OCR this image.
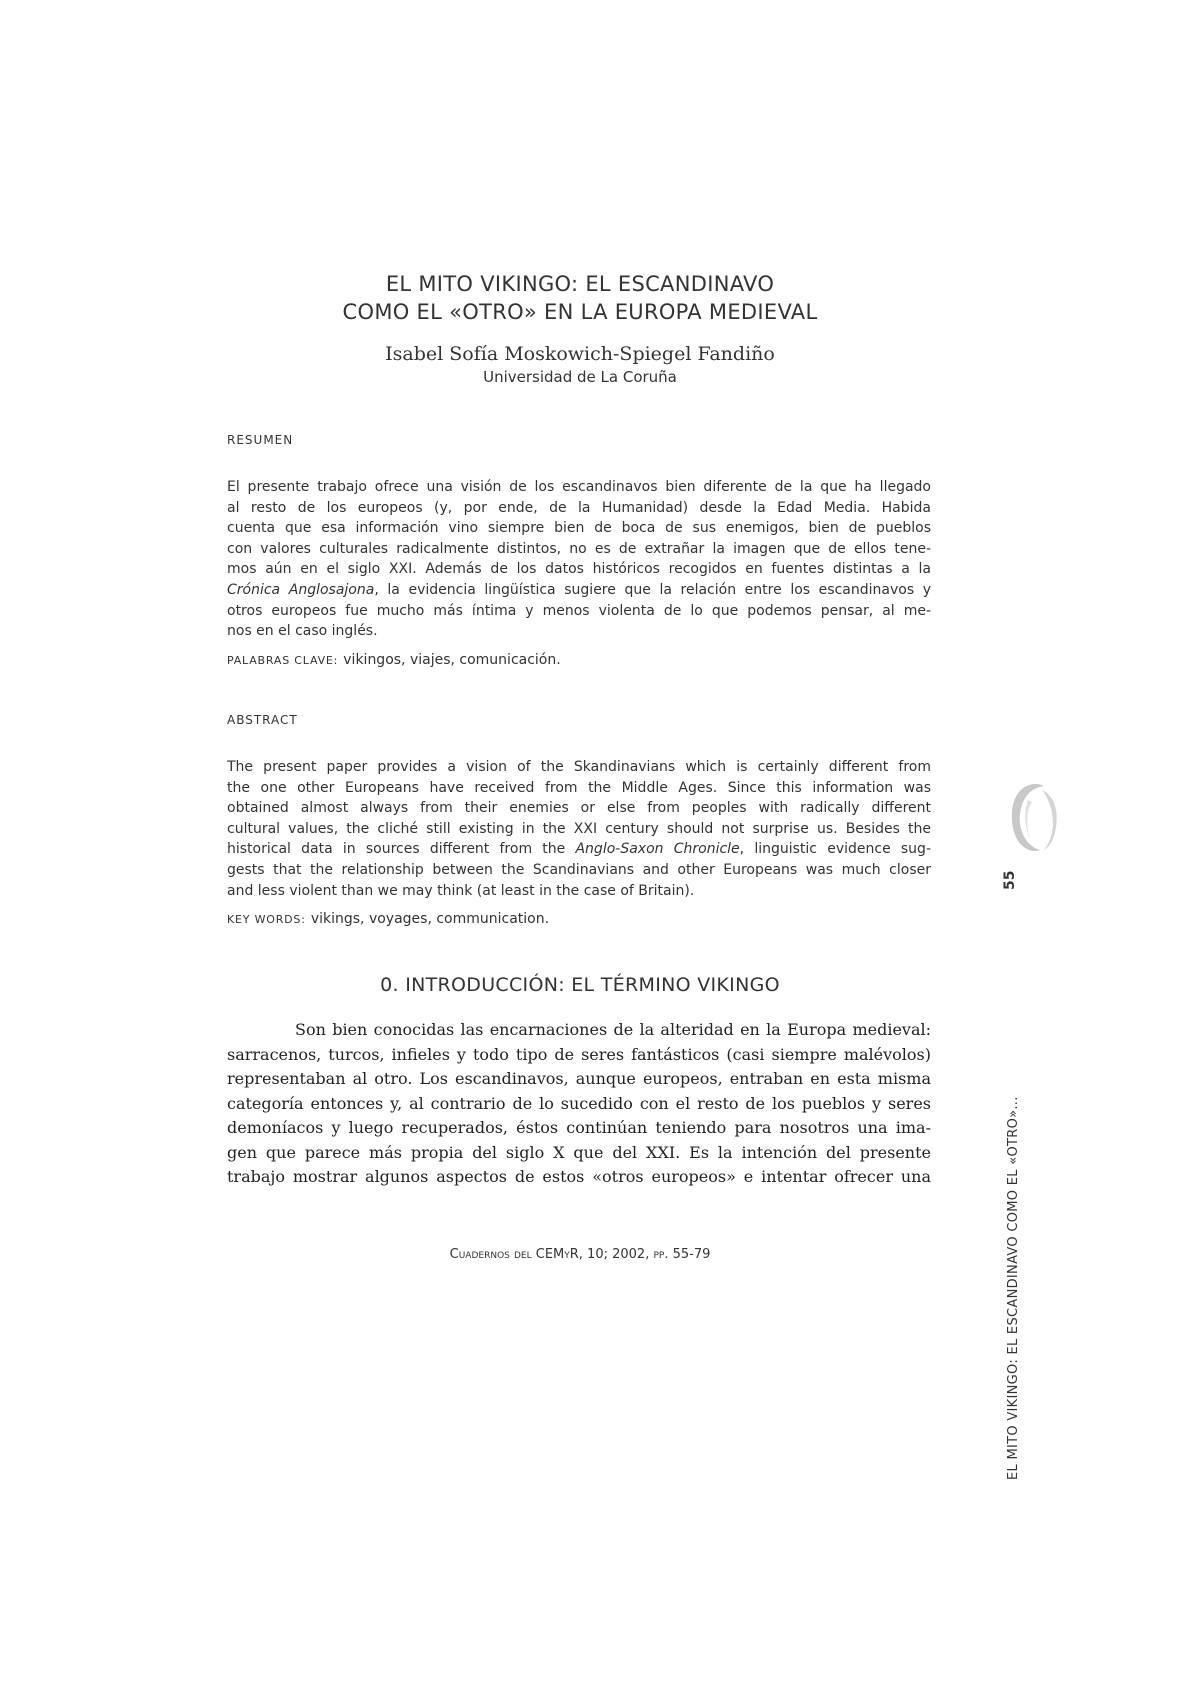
EL MITO VIKINGO: EL ESCANDINAVO
COMO EL «OTRO» EN LA EUROPA MEDIEVAL
Isabel Sofía Moskowich-Spiegel Fandiño
Universidad de La Coruña
RESUMEN
El presente trabajo ofrece una visión de los escandinavos bien diferente de la que ha llegado
al resto de los europeos (y, por ende, de la Humanidad) desde la Edad Media. Habida
cuenta que esa información vino siempre bien de boca de sus enemigos, bien de pueblos
con valores culturales radicalmente distintos, no es de extrañar la imagen que de ellos tene-
mos aún en el siglo XXI. Además de los datos históricos recogidos en fuentes distintas a la
Crónica Anglosajona, la evidencia lingüística sugiere que la relación entre los escandinavos y
otros europeos fue mucho más íntima y menos violenta de lo que podemos pensar, al me-
nos en el caso inglés.
PALABRAS CLAVE: vikingos, viajes, comunicación.
ABSTRACT
The present paper provides a vision of the Skandinavians which is certainly different from
the one other Europeans have received from the Middle Ages. Since this information was
obtained almost always from their enemies or else from peoples with radically different
cultural values, the cliché still existing in the XXI century should not surprise us. Besides the
historical data in sources different from the Anglo-Saxon Chronicle, linguistic evidence sug-
gests that the relationship between the Scandinavians and other Europeans was much closer
and less violent than we may think (at least in the case of Britain).
KEY WORDS: vikings, voyages, communication.
0. INTRODUCCIÓN: EL TÉRMINO VIKINGO
Son bien conocidas las encarnaciones de la alteridad en la Europa medieval:
sarracenos, turcos, infieles y todo tipo de seres fantásticos (casi siempre malévolos)
representaban al otro. Los escandinavos, aunque europeos, entraban en esta misma
categoría entonces y, al contrario de lo sucedido con el resto de los pueblos y seres
demoníacos y luego recuperados, éstos continúan teniendo para nosotros una ima-
gen que parece más propia del siglo X que del XXI. Es la intención del presente
trabajo mostrar algunos aspectos de estos «otros europeos» e intentar ofrecer una
Cuadernos del CEMyR, 10; 2002, pp. 55-79
55
EL MITO VIKINGO: EL ESCANDINAVO COMO EL «OTRO»...
